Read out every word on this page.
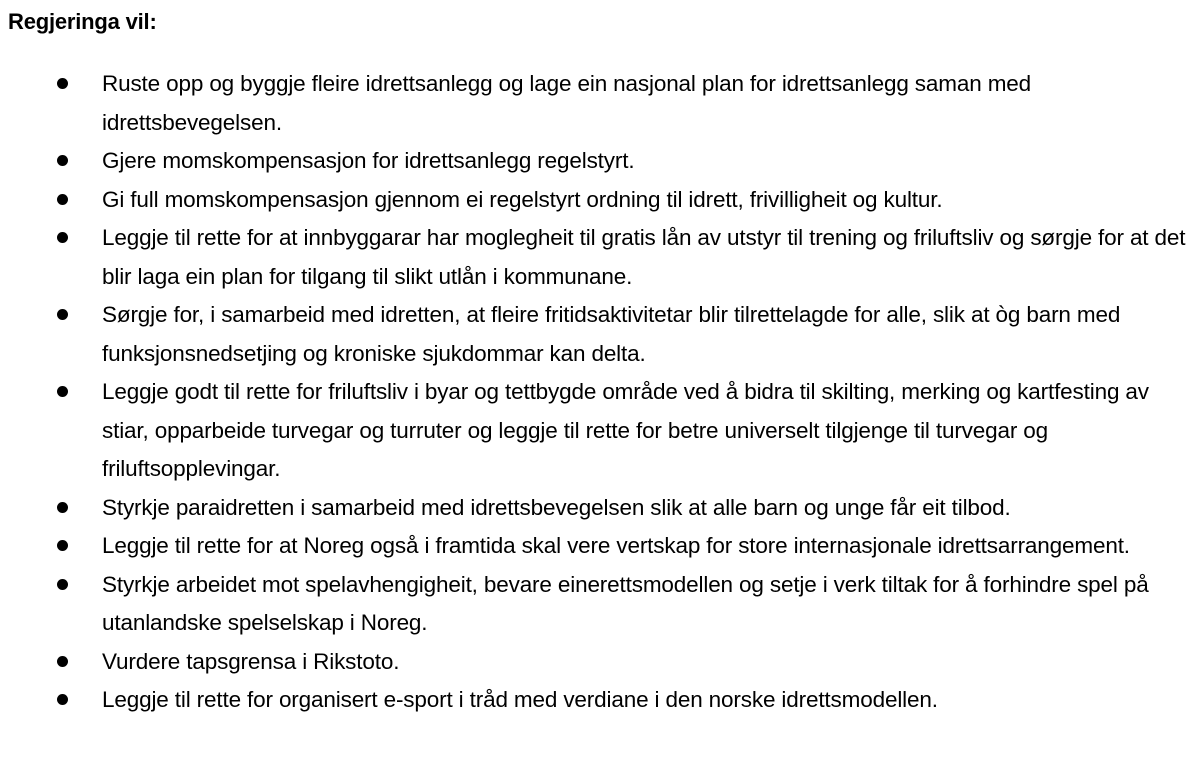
Regjeringa vil:
Ruste opp og byggje fleire idrettsanlegg og lage ein nasjonal plan for idrettsanlegg saman med idrettsbevegelsen.
Gjere momskompensasjon for idrettsanlegg regelstyrt.
Gi full momskompensasjon gjennom ei regelstyrt ordning til idrett, frivilligheit og kultur.
Leggje til rette for at innbyggarar har moglegheit til gratis lån av utstyr til trening og friluftsliv og sørgje for at det blir laga ein plan for tilgang til slikt utlån i kommunane.
Sørgje for, i samarbeid med idretten, at fleire fritidsaktivitetar blir tilrettelagde for alle, slik at òg barn med funksjonsnedsetjing og kroniske sjukdommar kan delta.
Leggje godt til rette for friluftsliv i byar og tettbygde område ved å bidra til skilting, merking og kartfesting av stiar, opparbeide turvegar og turruter og leggje til rette for betre universelt tilgjenge til turvegar og friluftsopplevingar.
Styrkje paraidretten i samarbeid med idrettsbevegelsen slik at alle barn og unge får eit tilbod.
Leggje til rette for at Noreg også i framtida skal vere vertskap for store internasjonale idrettsarrangement.
Styrkje arbeidet mot spelavhengigheit, bevare einerettsmodellen og setje i verk tiltak for å forhindre spel på utanlandske spelselskap i Noreg.
Vurdere tapsgrensa i Rikstoto.
Leggje til rette for organisert e-sport i tråd med verdiane i den norske idrettsmodellen.
